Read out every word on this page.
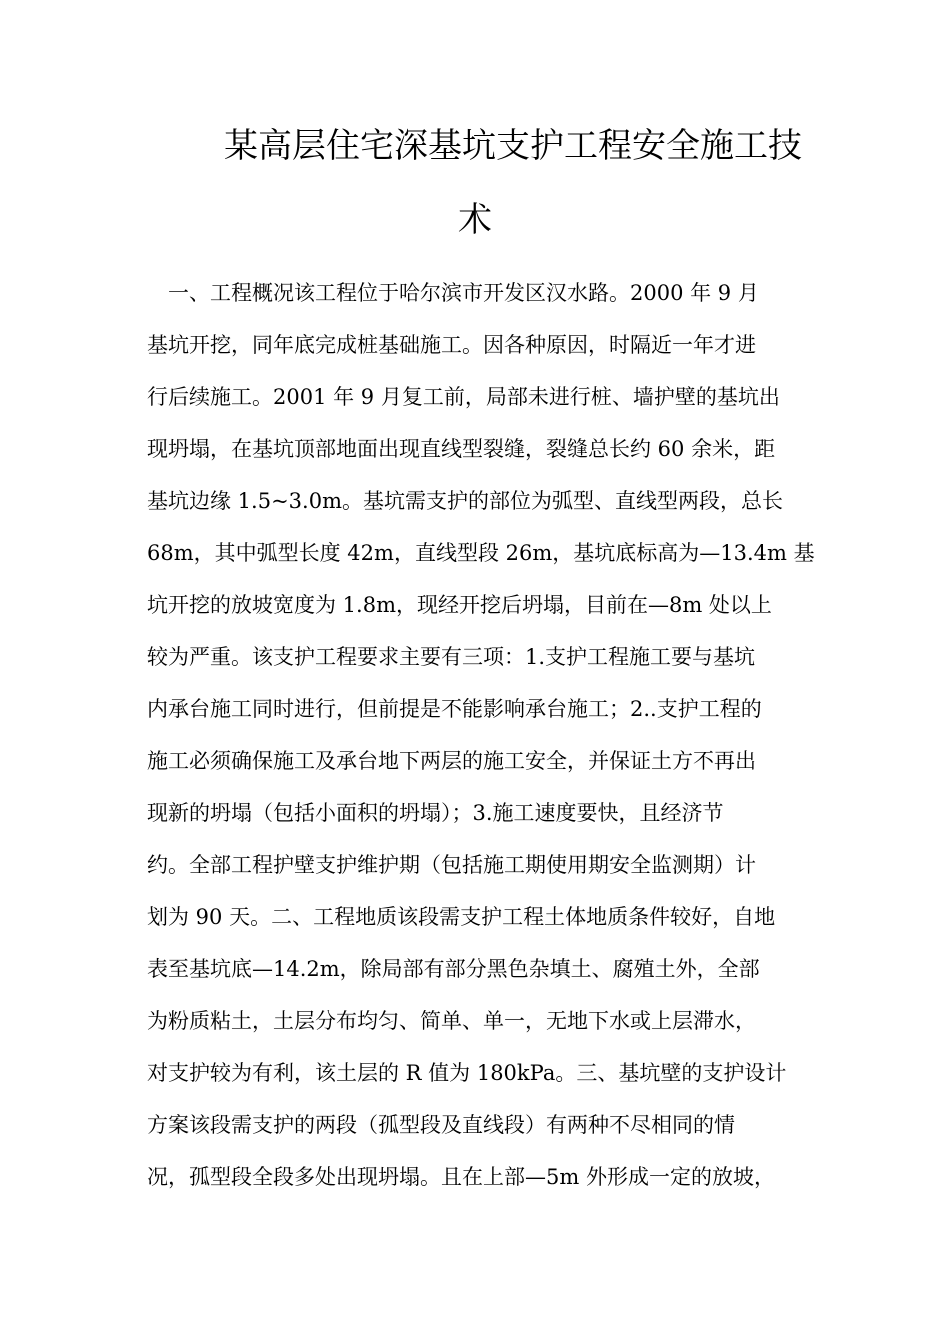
某高层住宅深基坑支护工程安全施工技
术
　一、工程概况该工程位于哈尔滨市开发区汉水路。2000 年 9 月
基坑开挖，同年底完成桩基础施工。因各种原因，时隔近一年才进
行后续施工。2001 年 9 月复工前，局部未进行桩、墙护壁的基坑出
现坍塌，在基坑顶部地面出现直线型裂缝，裂缝总长约 60 余米，距
基坑边缘 1.5~3.0m。基坑需支护的部位为弧型、直线型两段，总长
68m，其中弧型长度 42m，直线型段 26m，基坑底标高为—13.4m 基
坑开挖的放坡宽度为 1.8m，现经开挖后坍塌，目前在—8m 处以上
较为严重。该支护工程要求主要有三项：1.支护工程施工要与基坑
内承台施工同时进行，但前提是不能影响承台施工；2..支护工程的
施工必须确保施工及承台地下两层的施工安全，并保证土方不再出
现新的坍塌（包括小面积的坍塌）；3.施工速度要快，且经济节
约。全部工程护壁支护维护期（包括施工期使用期安全监测期）计
划为 90 天。二、工程地质该段需支护工程土体地质条件较好，自地
表至基坑底—14.2m，除局部有部分黑色杂填土、腐殖土外，全部
为粉质粘土，土层分布均匀、简单、单一，无地下水或上层滞水，
对支护较为有利，该土层的 R 值为 180kPa。三、基坑壁的支护设计
方案该段需支护的两段（孤型段及直线段）有两种不尽相同的情
况，孤型段全段多处出现坍塌。且在上部—5m 外形成一定的放坡，
